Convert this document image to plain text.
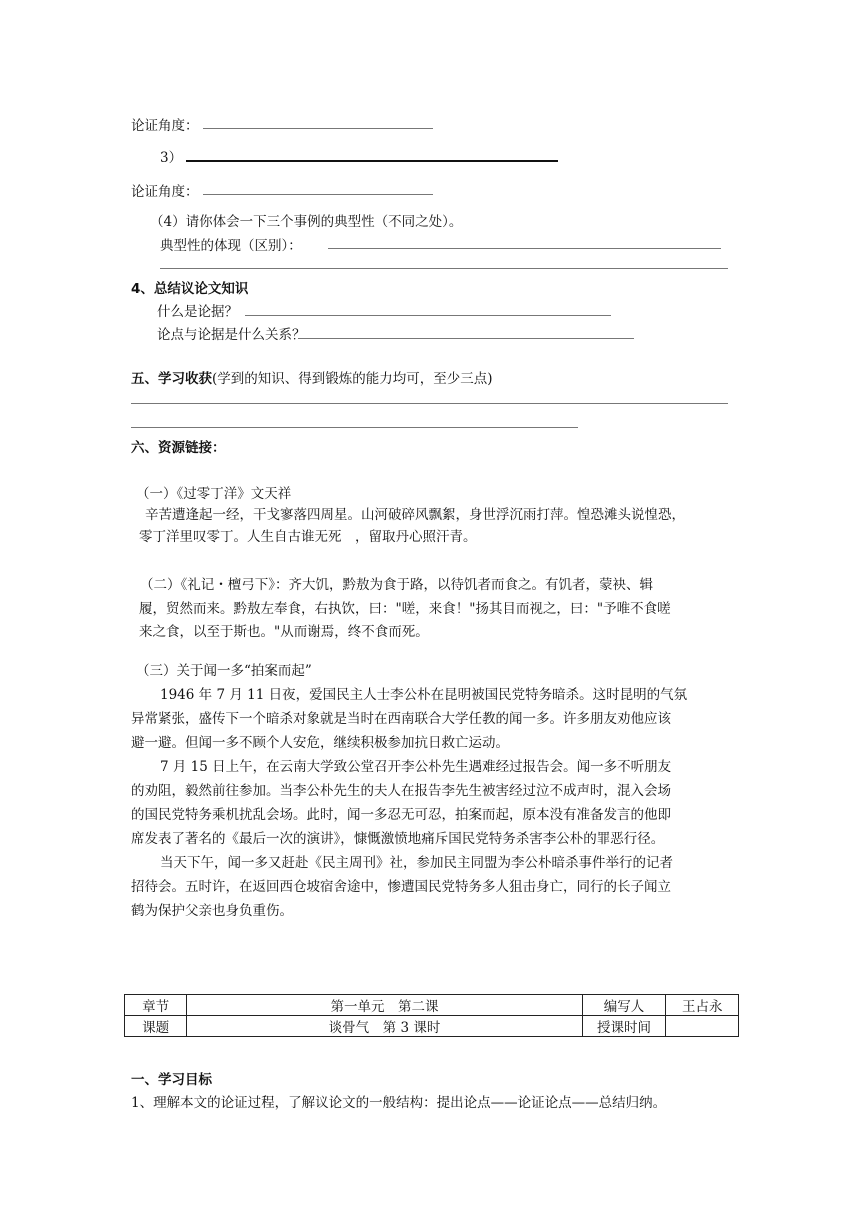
论证角度：
3）
论证角度：
（4）请你体会一下三个事例的典型性（不同之处）。
典型性的体现（区别）：
4、总结议论文知识
什么是论据？
论点与论据是什么关系？
五、学习收获(学到的知识、得到锻炼的能力均可，至少三点)
六、资源链接：
（一）《过零丁洋》文天祥
辛苦遭逢起一经，干戈寥落四周星。山河破碎风飘絮，身世浮沉雨打萍。惶恐滩头说惶恐，
零丁洋里叹零丁。人生自古谁无死　，留取丹心照汗青。
（二）《礼记・檀弓下》：齐大饥，黔敖为食于路，以待饥者而食之。有饥者，蒙袂、辑
履，贸然而来。黔敖左奉食，右执饮，曰："嗟，来食！"扬其目而视之，曰："予唯不食嗟
来之食，以至于斯也。"从而谢焉，终不食而死。
（三）关于闻一多“拍案而起”
1946 年 7 月 11 日夜，爱国民主人士李公朴在昆明被国民党特务暗杀。这时昆明的气氛
异常紧张，盛传下一个暗杀对象就是当时在西南联合大学任教的闻一多。许多朋友劝他应该
避一避。但闻一多不顾个人安危，继续积极参加抗日救亡运动。
7 月 15 日上午，在云南大学致公堂召开李公朴先生遇难经过报告会。闻一多不听朋友
的劝阻，毅然前往参加。当李公朴先生的夫人在报告李先生被害经过泣不成声时，混入会场
的国民党特务乘机扰乱会场。此时，闻一多忍无可忍，拍案而起，原本没有准备发言的他即
席发表了著名的《最后一次的演讲》，慷慨激愤地痛斥国民党特务杀害李公朴的罪恶行径。
当天下午，闻一多又赶赴《民主周刊》社，参加民主同盟为李公朴暗杀事件举行的记者
招待会。五时许，在返回西仓坡宿舍途中，惨遭国民党特务多人狙击身亡，同行的长子闻立
鹤为保护父亲也身负重伤。
章节	第一单元　第二课	编写人	王占永
课题	谈骨气　第 3 课时	授课时间	
一、学习目标
1、理解本文的论证过程，了解议论文的一般结构：提出论点——论证论点——总结归纳。
